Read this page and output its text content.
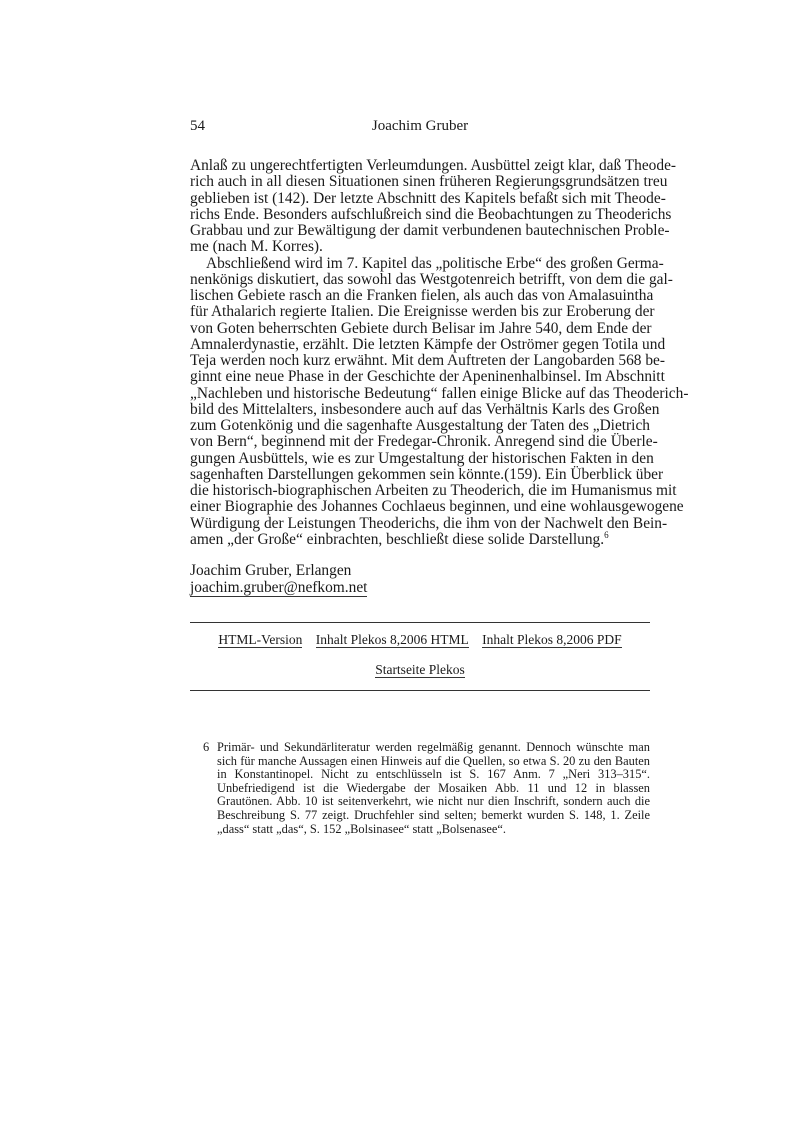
54	Joachim Gruber
Anlaß zu ungerechtfertigten Verleumdungen. Ausbüttel zeigt klar, daß Theode-
rich auch in all diesen Situationen sinen früheren Regierungsgrundsätzen treu
geblieben ist (142). Der letzte Abschnitt des Kapitels befaßt sich mit Theode-
richs Ende. Besonders aufschlußreich sind die Beobachtungen zu Theoderichs
Grabbau und zur Bewältigung der damit verbundenen bautechnischen Proble-
me (nach M. Korres).
Abschließend wird im 7. Kapitel das „politische Erbe“ des großen Germa-
nenkönigs diskutiert, das sowohl das Westgotenreich betrifft, von dem die gal-
lischen Gebiete rasch an die Franken fielen, als auch das von Amalasuintha
für Athalarich regierte Italien. Die Ereignisse werden bis zur Eroberung der
von Goten beherrschten Gebiete durch Belisar im Jahre 540, dem Ende der
Amnalerdynastie, erzählt. Die letzten Kämpfe der Oströmer gegen Totila und
Teja werden noch kurz erwähnt. Mit dem Auftreten der Langobarden 568 be-
ginnt eine neue Phase in der Geschichte der Apeninenhalbinsel. Im Abschnitt
„Nachleben und historische Bedeutung“ fallen einige Blicke auf das Theoderich-
bild des Mittelalters, insbesondere auch auf das Verhältnis Karls des Großen
zum Gotenkönig und die sagenhafte Ausgestaltung der Taten des „Dietrich
von Bern“, beginnend mit der Fredegar-Chronik. Anregend sind die Überle-
gungen Ausbüttels, wie es zur Umgestaltung der historischen Fakten in den
sagenhaften Darstellungen gekommen sein könnte.(159). Ein Überblick über
die historisch-biographischen Arbeiten zu Theoderich, die im Humanismus mit
einer Biographie des Johannes Cochlaeus beginnen, und eine wohlausgewogene
Würdigung der Leistungen Theoderichs, die ihm von der Nachwelt den Bein-
amen „der Große“ einbrachten, beschließt diese solide Darstellung.$^6$
Joachim Gruber, Erlangen
joachim.gruber@nefkom.net
HTML-Version Inhalt Plekos 8,2006 HTML Inhalt Plekos 8,2006 PDF
Startseite Plekos
6 Primär- und Sekundärliteratur werden regelmäßig genannt. Dennoch wünschte man sich für manche Aussagen einen Hinweis auf die Quellen, so etwa S. 20 zu den Bauten in Konstantinopel. Nicht zu entschlüsseln ist S. 167 Anm. 7 „Neri 313–315“. Unbefriedigend ist die Wiedergabe der Mosaiken Abb. 11 und 12 in blassen Grautönen. Abb. 10 ist seitenverkehrt, wie nicht nur dien Inschrift, sondern auch die Beschreibung S. 77 zeigt. Druchfehler sind selten; bemerkt wurden S. 148, 1. Zeile „dass“ statt „das“, S. 152 „Bolsinasee“ statt „Bolsenasee“.
